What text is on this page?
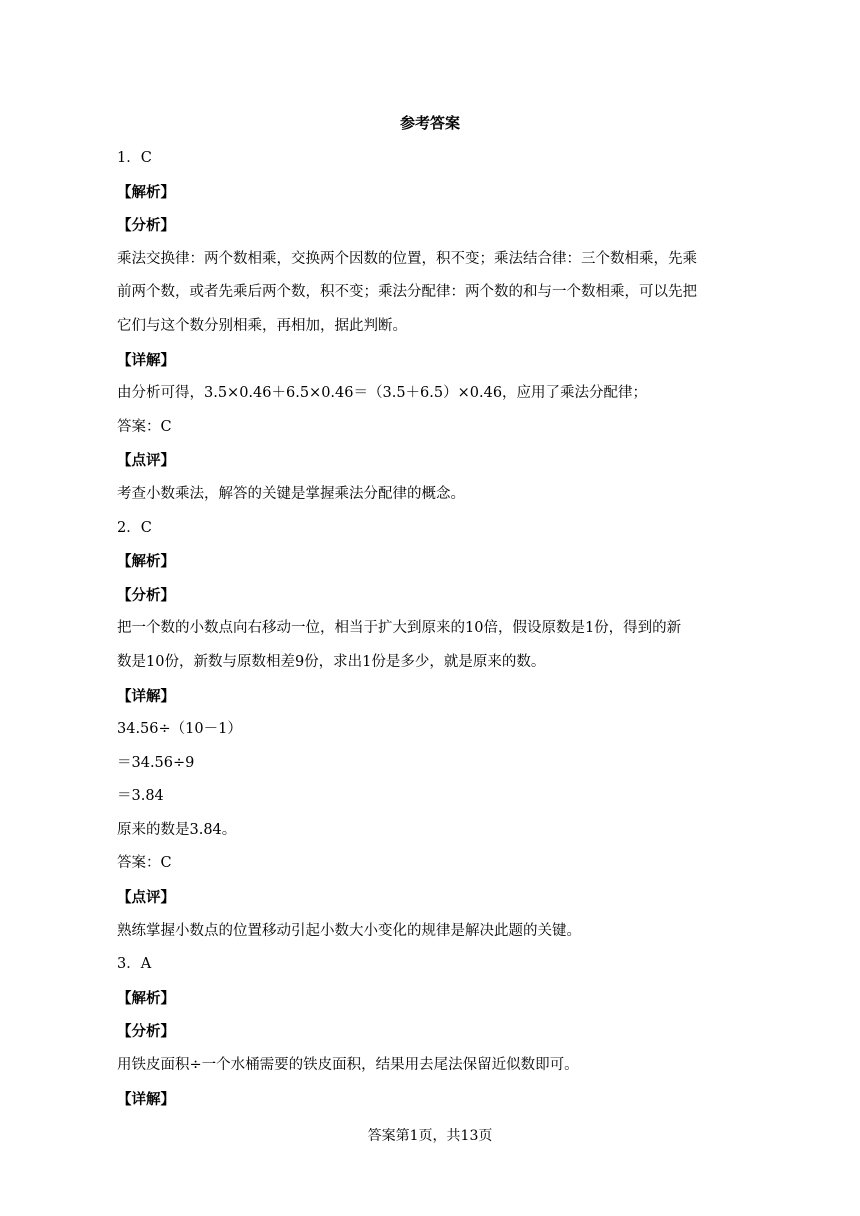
参考答案
1．C
【解析】
【分析】
乘法交换律：两个数相乘，交换两个因数的位置，积不变；乘法结合律：三个数相乘，先乘
前两个数，或者先乘后两个数，积不变；乘法分配律：两个数的和与一个数相乘，可以先把
它们与这个数分别相乘，再相加，据此判断。
【详解】
由分析可得，3.5×0.46＋6.5×0.46＝（3.5＋6.5）×0.46，应用了乘法分配律；
答案：C
【点评】
考查小数乘法，解答的关键是掌握乘法分配律的概念。
2．C
【解析】
【分析】
把一个数的小数点向右移动一位，相当于扩大到原来的10倍，假设原数是1份，得到的新
数是10份，新数与原数相差9份，求出1份是多少，就是原来的数。
【详解】
34.56÷（10－1）
＝34.56÷9
＝3.84
原来的数是3.84。
答案：C
【点评】
熟练掌握小数点的位置移动引起小数大小变化的规律是解决此题的关键。
3．A
【解析】
【分析】
用铁皮面积÷一个水桶需要的铁皮面积，结果用去尾法保留近似数即可。
【详解】
答案第1页，共13页
